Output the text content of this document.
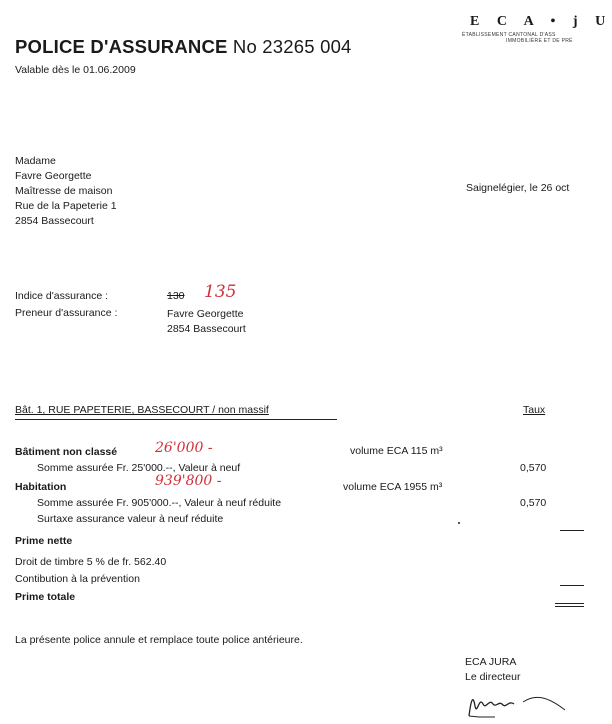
E C A • j U
ÉTABLISSEMENT CANTONAL D'ASS
IMMOBILIÈRE ET DE PRÉ
POLICE D'ASSURANCE No 23265 004
Valable dès le 01.06.2009
Madame
Favre Georgette
Maîtresse de maison
Rue de la Papeterie 1
2854 Bassecourt
Saignelégier, le 26 oct
Indice d'assurance :	130 135
Preneur d'assurance :	Favre Georgette
2854 Bassecourt
Bât. 1, RUE PAPETERIE, BASSECOURT / non massif	Taux
Bâtiment non classé	26'000 -	volume ECA 115 m³
Somme assurée Fr. 25'000.--, Valeur à neuf	0,570
Habitation	939'800 -	volume ECA 1955 m³
Somme assurée Fr. 905'000.--, Valeur à neuf réduite	0,570
Surtaxe assurance valeur à neuf réduite
Prime nette
Droit de timbre 5 % de fr. 562.40
Contibution à la prévention
Prime totale
La présente police annule et remplace toute police antérieure.
ECA JURA
Le directeur
